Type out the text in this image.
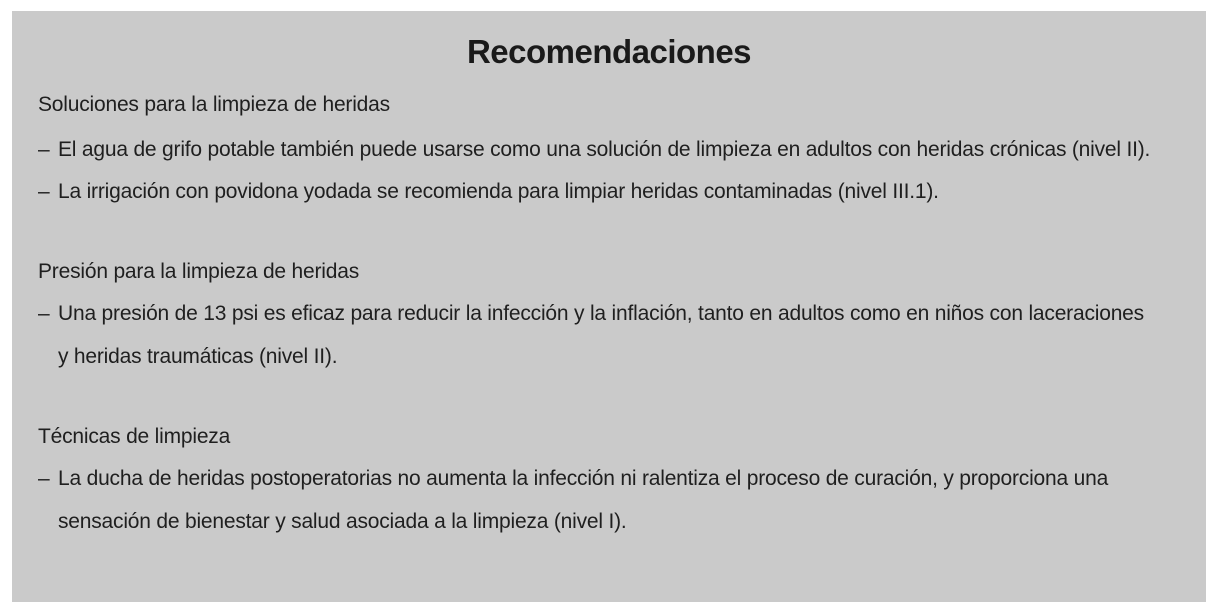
Recomendaciones
Soluciones para la limpieza de heridas
– El agua de grifo potable también puede usarse como una solución de limpieza en adultos con heridas crónicas (nivel II).
– La irrigación con povidona yodada se recomienda para limpiar heridas contaminadas (nivel III.1).
Presión para la limpieza de heridas
– Una presión de 13 psi es eficaz para reducir la infección y la inflación, tanto en adultos como en niños con laceraciones
y heridas traumáticas (nivel II).
Técnicas de limpieza
– La ducha de heridas postoperatorias no aumenta la infección ni ralentiza el proceso de curación, y proporciona una
sensación de bienestar y salud asociada a la limpieza (nivel I).
